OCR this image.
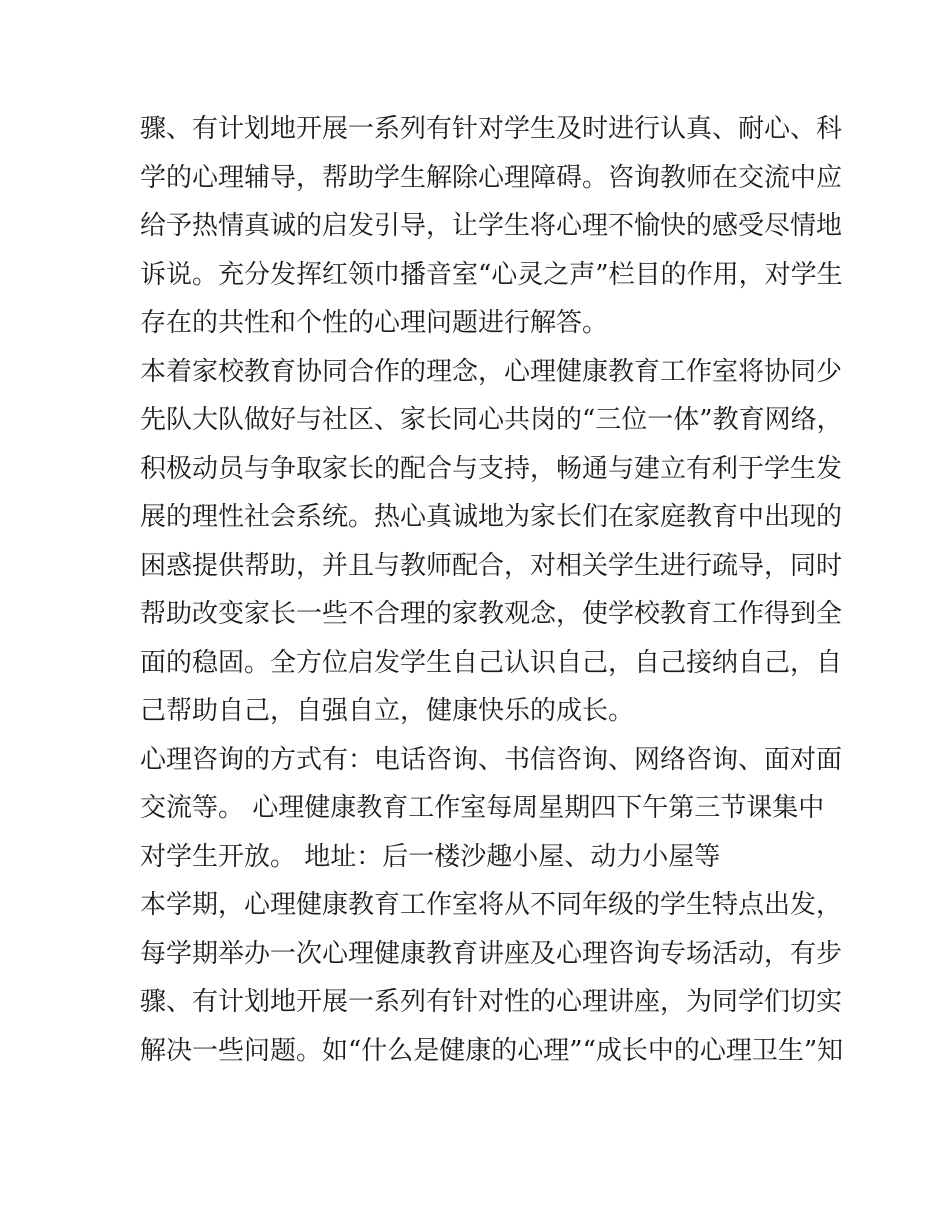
骤、有计划地开展一系列有针对学生及时进行认真、耐心、科
学的心理辅导，帮助学生解除心理障碍。咨询教师在交流中应
给予热情真诚的启发引导，让学生将心理不愉快的感受尽情地
诉说。充分发挥红领巾播音室“心灵之声”栏目的作用，对学生
存在的共性和个性的心理问题进行解答。
本着家校教育协同合作的理念，心理健康教育工作室将协同少
先队大队做好与社区、家长同心共岗的“三位一体”教育网络，
积极动员与争取家长的配合与支持，畅通与建立有利于学生发
展的理性社会系统。热心真诚地为家长们在家庭教育中出现的
困惑提供帮助，并且与教师配合，对相关学生进行疏导，同时
帮助改变家长一些不合理的家教观念，使学校教育工作得到全
面的稳固。全方位启发学生自己认识自己，自己接纳自己，自
己帮助自己，自强自立，健康快乐的成长。
心理咨询的方式有：电话咨询、书信咨询、网络咨询、面对面
交流等。 心理健康教育工作室每周星期四下午第三节课集中
对学生开放。 地址：后一楼沙趣小屋、动力小屋等
本学期，心理健康教育工作室将从不同年级的学生特点出发，
每学期举办一次心理健康教育讲座及心理咨询专场活动，有步
骤、有计划地开展一系列有针对性的心理讲座，为同学们切实
解决一些问题。如“什么是健康的心理”“成长中的心理卫生”知
